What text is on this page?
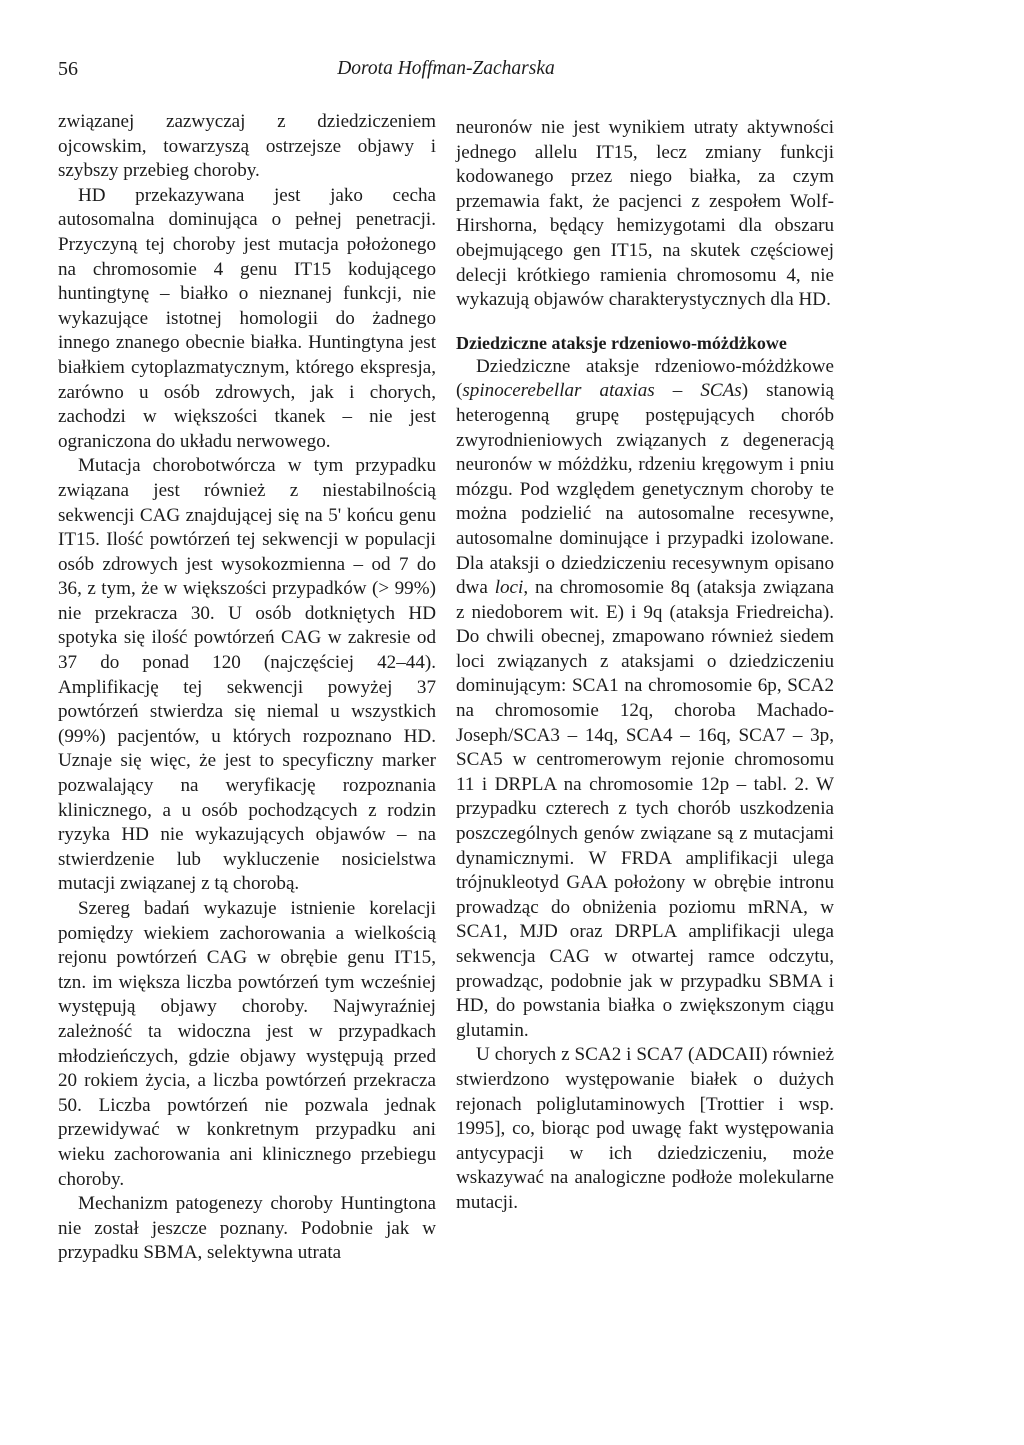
56	Dorota Hoffman-Zacharska

związanej zazwyczaj z dziedziczeniem ojcowskim, towarzyszą ostrzejsze objawy i szybszy przebieg choroby.

HD przekazywana jest jako cecha autosomalna dominująca o pełnej penetracji. Przyczyną tej choroby jest mutacja położonego na chromosomie 4 genu IT15 kodującego huntingtynę – białko o nieznanej funkcji, nie wykazujące istotnej homologii do żadnego innego znanego obecnie białka. Huntingtyna jest białkiem cytoplazmatycznym, którego ekspresja, zarówno u osób zdrowych, jak i chorych, zachodzi w większości tkanek – nie jest ograniczona do układu nerwowego.

Mutacja chorobotwórcza w tym przypadku związana jest również z niestabilnością sekwencji CAG znajdującej się na 5' końcu genu IT15. Ilość powtórzeń tej sekwencji w populacji osób zdrowych jest wysokozmienna – od 7 do 36, z tym, że w większości przypadków (> 99%) nie przekracza 30. U osób dotkniętych HD spotyka się ilość powtórzeń CAG w zakresie od 37 do ponad 120 (najczęściej 42–44). Amplifikację tej sekwencji powyżej 37 powtórzeń stwierdza się niemal u wszystkich (99%) pacjentów, u których rozpoznano HD. Uznaje się więc, że jest to specyficzny marker pozwalający na weryfikację rozpoznania klinicznego, a u osób pochodzących z rodzin ryzyka HD nie wykazujących objawów – na stwierdzenie lub wykluczenie nosicielstwa mutacji związanej z tą chorobą.

Szereg badań wykazuje istnienie korelacji pomiędzy wiekiem zachorowania a wielkością rejonu powtórzeń CAG w obrębie genu IT15, tzn. im większa liczba powtórzeń tym wcześniej występują objawy choroby. Najwyraźniej zależność ta widoczna jest w przypadkach młodzieńczych, gdzie objawy występują przed 20 rokiem życia, a liczba powtórzeń przekracza 50. Liczba powtórzeń nie pozwala jednak przewidywać w konkretnym przypadku ani wieku zachorowania ani klinicznego przebiegu choroby.

Mechanizm patogenezy choroby Huntingtona nie został jeszcze poznany. Podobnie jak w przypadku SBMA, selektywna utrata

neuronów nie jest wynikiem utraty aktywności jednego allelu IT15, lecz zmiany funkcji kodowanego przez niego białka, za czym przemawia fakt, że pacjenci z zespołem Wolf-Hirshorna, będący hemizygotami dla obszaru obejmującego gen IT15, na skutek częściowej delecji krótkiego ramienia chromosomu 4, nie wykazują objawów charakterystycznych dla HD.

Dziedziczne ataksje rdzeniowo-móżdżkowe

Dziedziczne ataksje rdzeniowo-móżdżkowe (spinocerebellar ataxias – SCAs) stanowią heterogenną grupę postępujących chorób zwyrodnieniowych związanych z degeneracją neuronów w móżdżku, rdzeniu kręgowym i pniu mózgu. Pod względem genetycznym choroby te można podzielić na autosomalne recesywne, autosomalne dominujące i przypadki izolowane. Dla ataksji o dziedziczeniu recesywnym opisano dwa loci, na chromosomie 8q (ataksja związana z niedoborem wit. E) i 9q (ataksja Friedreicha). Do chwili obecnej, zmapowano również siedem loci związanych z ataksjami o dziedziczeniu dominującym: SCA1 na chromosomie 6p, SCA2 na chromosomie 12q, choroba Machado-Joseph/SCA3 – 14q, SCA4 – 16q, SCA7 – 3p, SCA5 w centromerowym rejonie chromosomu 11 i DRPLA na chromosomie 12p – tabl. 2. W przypadku czterech z tych chorób uszkodzenia poszczególnych genów związane są z mutacjami dynamicznymi. W FRDA amplifikacji ulega trójnukleotyd GAA położony w obrębie intronu prowadząc do obniżenia poziomu mRNA, w SCA1, MJD oraz DRPLA amplifikacji ulega sekwencja CAG w otwartej ramce odczytu, prowadząc, podobnie jak w przypadku SBMA i HD, do powstania białka o zwiększonym ciągu glutamin.

U chorych z SCA2 i SCA7 (ADCAII) również stwierdzono występowanie białek o dużych rejonach poliglutaminowych [Trottier i wsp. 1995], co, biorąc pod uwagę fakt występowania antycypacji w ich dziedziczeniu, może wskazywać na analogiczne podłoże molekularne mutacji.
